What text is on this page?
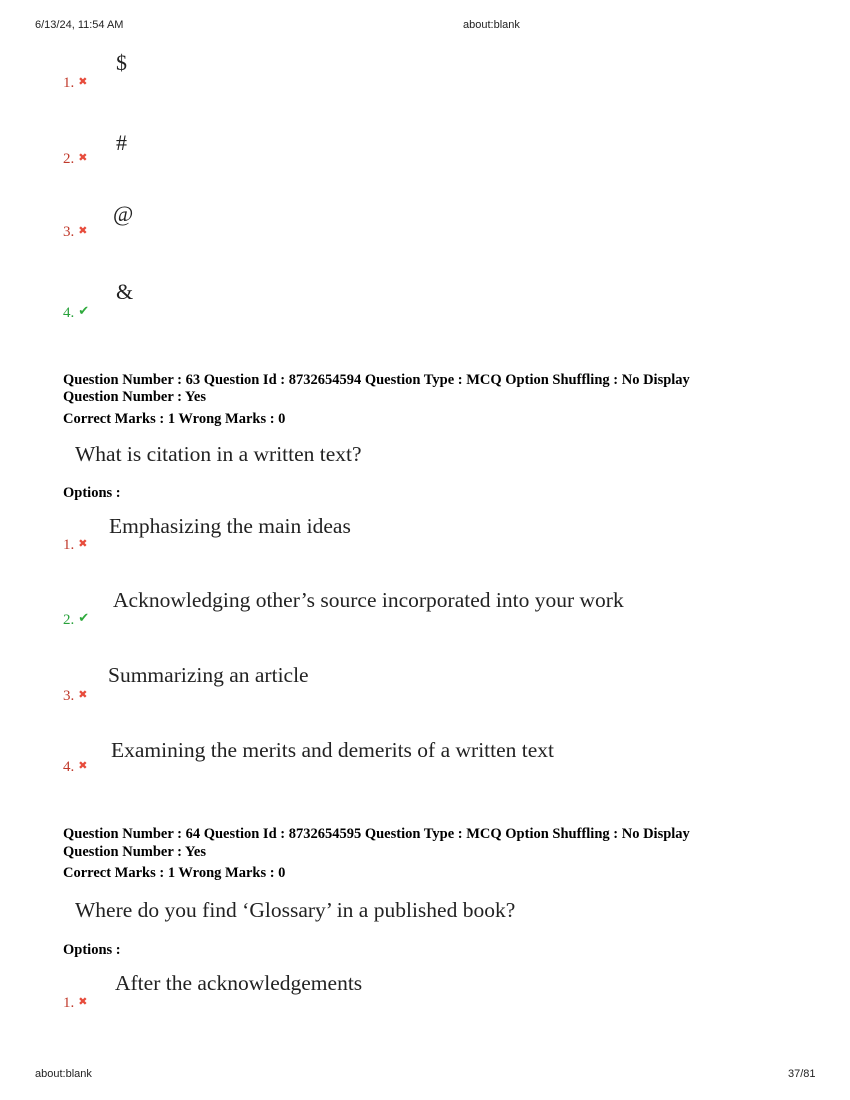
6/13/24, 11:54 AM	about:blank
1. ✖
$
2. ✖
#
3. ✖
@
4. ✔
&
Question Number : 63 Question Id : 8732654594 Question Type : MCQ Option Shuffling : No Display
Question Number : Yes
Correct Marks : 1 Wrong Marks : 0
What is citation in a written text?
Options :
1. ✖
Emphasizing the main ideas
2. ✔
Acknowledging other’s source incorporated into your work
3. ✖
Summarizing an article
4. ✖
Examining the merits and demerits of a written text
Question Number : 64 Question Id : 8732654595 Question Type : MCQ Option Shuffling : No Display
Question Number : Yes
Correct Marks : 1 Wrong Marks : 0
Where do you find ‘Glossary’ in a published book?
Options :
1. ✖
After the acknowledgements
about:blank	37/81
